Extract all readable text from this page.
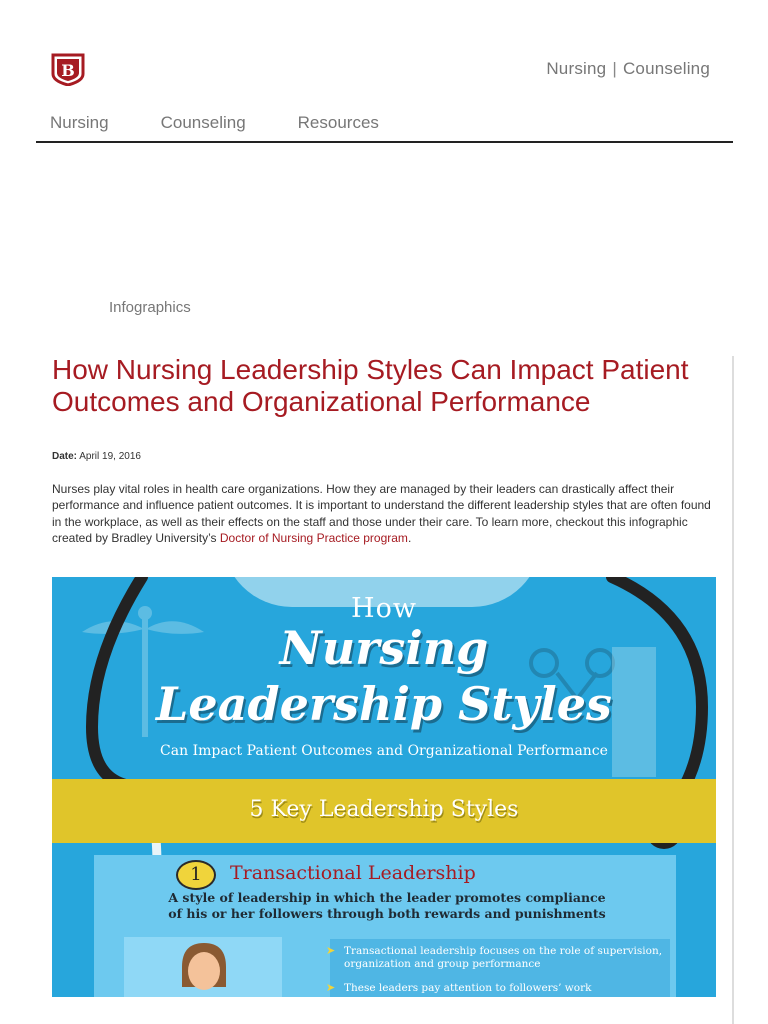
B	Nursing | Counseling
Nursing	Counseling	Resources
Infographics
How Nursing Leadership Styles Can Impact Patient Outcomes and Organizational Performance
Date: April 19, 2016

Nurses play vital roles in health care organizations. How they are managed by their leaders can drastically affect their performance and influence patient outcomes. It is important to understand the different leadership styles that are often found in the workplace, as well as their effects on the staff and those under their care. To learn more, checkout this infographic created by Bradley University’s Doctor of Nursing Practice program.

How
Nursing
Leadership Styles
Can Impact Patient Outcomes and Organizational Performance
5 Key Leadership Styles
1	Transactional Leadership
A style of leadership in which the leader promotes compliance
of his or her followers through both rewards and punishments
➤ Transactional leadership focuses on the role of supervision, organization and group performance
➤ These leaders pay attention to followers’ work
